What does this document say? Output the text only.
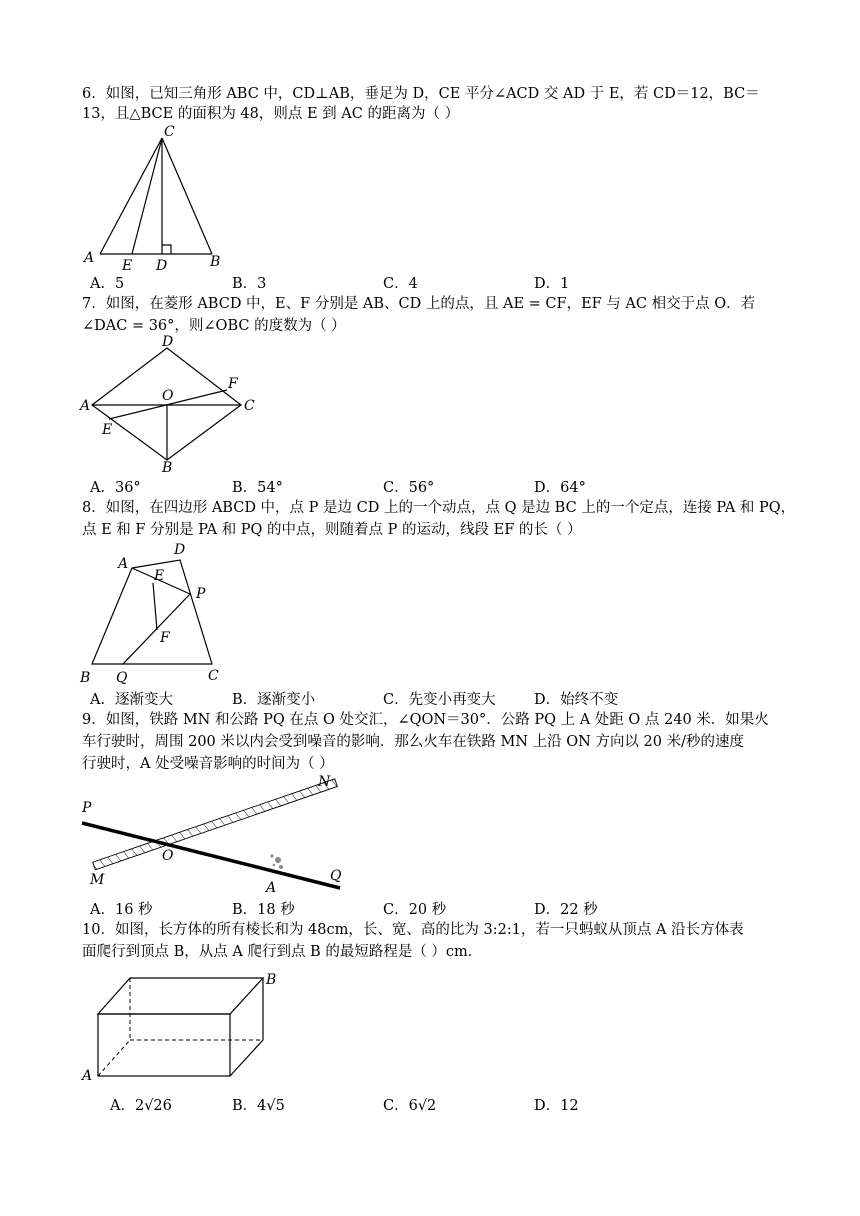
6．如图，已知三角形 ABC 中，CD⊥AB，垂足为 D，CE 平分∠ACD 交 AD 于 E，若 CD＝12，BC＝
13，且△BCE 的面积为 48，则点 E 到 AC 的距离为（ ）
C
A E D	B
A．5	B．3	C．4	D．1
7．如图，在菱形 ABCD 中，E、F 分别是 AB、CD 上的点，且 AE = CF，EF 与 AC 相交于点 O．若
∠DAC = 36°，则∠OBC 的度数为（ ）
D
F
A
O
C
E
B
A．36°	B．54°	C．56°	D．64°
8．如图，在四边形 ABCD 中，点 P 是边 CD 上的一个动点，点 Q 是边 BC 上的一个定点，连接 PA 和 PQ，
点 E 和 F 分别是 PA 和 PQ 的中点，则随着点 P 的运动，线段 EF 的长（ ）
A
D
E
P
F
B Q	C
A．逐渐变大	B．逐渐变小	C．先变小再变大	D．始终不变
9．如图，铁路 MN 和公路 PQ 在点 O 处交汇，∠QON＝30°．公路 PQ 上 A 处距 O 点 240 米．如果火
车行驶时，周围 200 米以内会受到噪音的影响．那么火车在铁路 MN 上沿 ON 方向以 20 米/秒的速度
行驶时，A 处受噪音影响的时间为（ ）
N
P
O
Q
M	A
A．16 秒	B．18 秒	C．20 秒	D．22 秒
10．如图，长方体的所有棱长和为 48cm，长、宽、高的比为 3:2:1，若一只蚂蚁从顶点 A 沿长方体表
面爬行到顶点 B，从点 A 爬行到点 B 的最短路程是（ ）cm．
B
A
A．2√26	B．4√5	C．6√2	D．12
